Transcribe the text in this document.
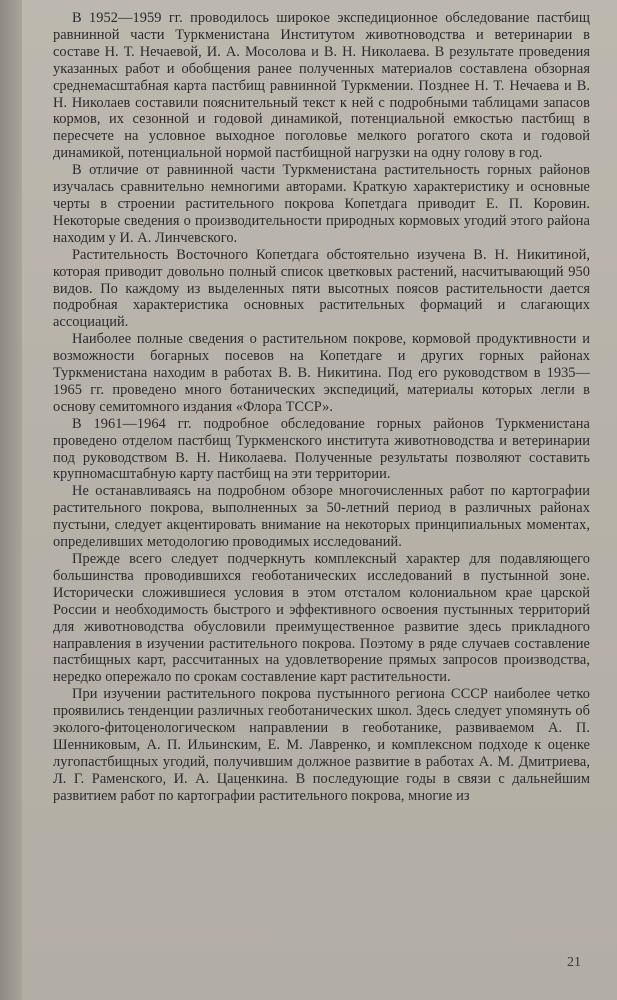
В 1952—1959 гг. проводилось широкое экспедиционное обследование пастбищ равнинной части Туркменистана Институтом животноводства и ветеринарии в составе Н. Т. Нечаевой, И. А. Мосолова и В. Н. Николаева. В результате проведения указанных работ и обобщения ранее полученных материалов составлена обзорная среднемасштабная карта пастбищ равнинной Туркмении. Позднее Н. Т. Нечаева и В. Н. Николаев составили пояснительный текст к ней с подробными таблицами запасов кормов, их сезонной и годовой динамикой, потенциальной емкостью пастбищ в пересчете на условное выходное поголовье мелкого рогатого скота и годовой динамикой, потенциальной нормой пастбищной нагрузки на одну голову в год.

В отличие от равнинной части Туркменистана растительность горных районов изучалась сравнительно немногими авторами. Краткую характеристику и основные черты в строении растительного покрова Копетдага приводит Е. П. Коровин. Некоторые сведения о производительности природных кормовых угодий этого района находим у И. А. Линчевского.

Растительность Восточного Копетдага обстоятельно изучена В. Н. Никитиной, которая приводит довольно полный список цветковых растений, насчитывающий 950 видов. По каждому из выделенных пяти высотных поясов растительности дается подробная характеристика основных растительных формаций и слагающих ассоциаций.

Наиболее полные сведения о растительном покрове, кормовой продуктивности и возможности богарных посевов на Копетдаге и других горных районах Туркменистана находим в работах В. В. Никитина. Под его руководством в 1935—1965 гг. проведено много ботанических экспедиций, материалы которых легли в основу семитомного издания «Флора ТССР».

В 1961—1964 гг. подробное обследование горных районов Туркменистана проведено отделом пастбищ Туркменского института животноводства и ветеринарии под руководством В. Н. Николаева. Полученные результаты позволяют составить крупномасштабную карту пастбищ на эти территории.

Не останавливаясь на подробном обзоре многочисленных работ по картографии растительного покрова, выполненных за 50-летний период в различных районах пустыни, следует акцентировать внимание на некоторых принципиальных моментах, определивших методологию проводимых исследований.

Прежде всего следует подчеркнуть комплексный характер для подавляющего большинства проводившихся геоботанических исследований в пустынной зоне. Исторически сложившиеся условия в этом отсталом колониальном крае царской России и необходимость быстрого и эффективного освоения пустынных территорий для животноводства обусловили преимущественное развитие здесь прикладного направления в изучении растительного покрова. Поэтому в ряде случаев составление пастбищных карт, рассчитанных на удовлетворение прямых запросов производства, нередко опережало по срокам составление карт растительности.

При изучении растительного покрова пустынного региона СССР наиболее четко проявились тенденции различных геоботанических школ. Здесь следует упомянуть об эколого-фитоценологическом направлении в геоботанике, развиваемом А. П. Шенниковым, А. П. Ильинским, Е. М. Лавренко, и комплексном подходе к оценке лугопастбищных угодий, получившим должное развитие в работах А. М. Дмитриева, Л. Г. Раменского, И. А. Цаценкина. В последующие годы в связи с дальнейшим развитием работ по картографии растительного покрова, многие из

21
